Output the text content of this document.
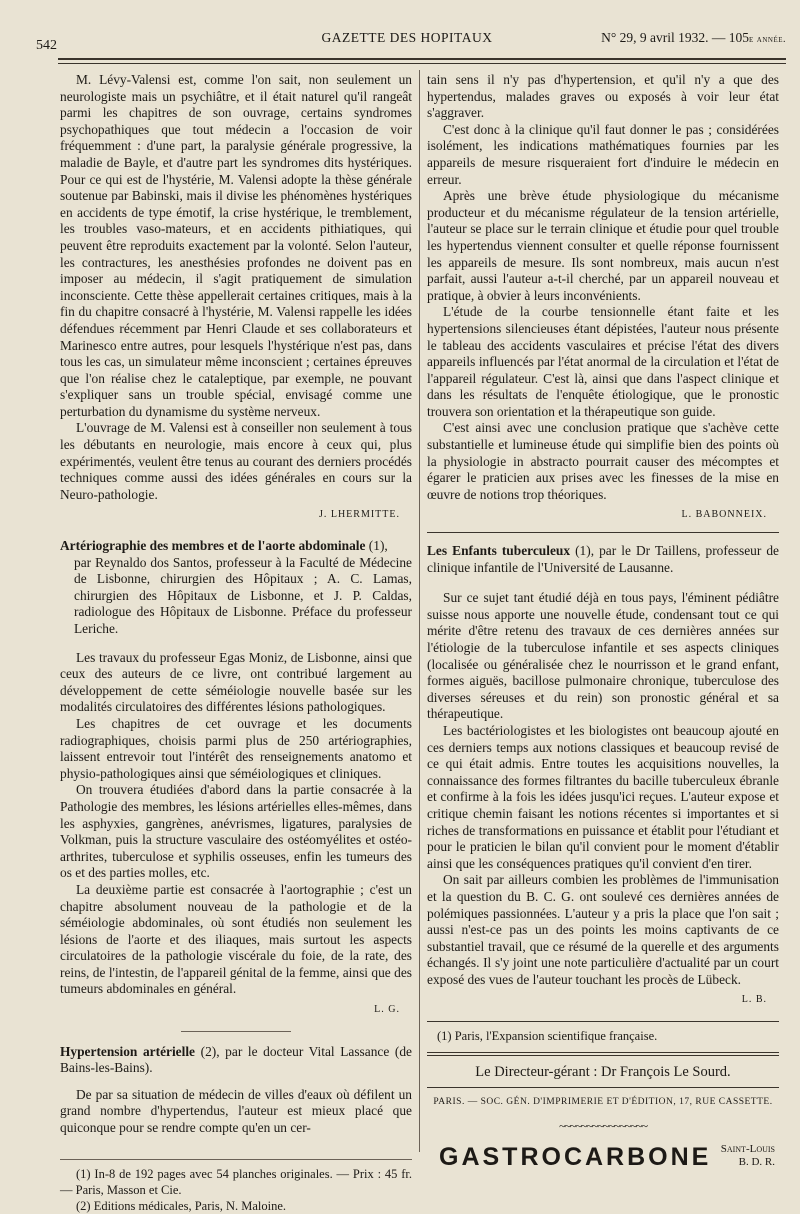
542
GAZETTE DES HOPITAUX	N° 29, 9 avril 1932. — 105e année.

M. Lévy-Valensi est, comme l'on sait, non seulement un neurologiste mais un psychiâtre, et il était naturel qu'il rangeât parmi les chapitres de son ouvrage, certains syndromes psychopathiques que tout médecin a l'occasion de voir fréquemment : d'une part, la paralysie générale progressive, la maladie de Bayle, et d'autre part les syndromes dits hystériques. Pour ce qui est de l'hystérie, M. Valensi adopte la thèse générale soutenue par Babinski, mais il divise les phénomènes hystériques en accidents de type émotif, la crise hystérique, le tremblement, les troubles vaso-mateurs, et en accidents pithiatiques, qui peuvent être reproduits exactement par la volonté. Selon l'auteur, les contractures, les anesthésies profondes ne doivent pas en imposer au médecin, il s'agit pratiquement de simulation inconsciente. Cette thèse appellerait certaines critiques, mais à la fin du chapitre consacré à l'hystérie, M. Valensi rappelle les idées défendues récemment par Henri Claude et ses collaborateurs et Marinesco entre autres, pour lesquels l'hystérique n'est pas, dans tous les cas, un simulateur même inconscient ; certaines épreuves que l'on réalise chez le cataleptique, par exemple, ne pouvant s'expliquer sans un trouble spécial, envisagé comme une perturbation du dynamisme du système nerveux.

L'ouvrage de M. Valensi est à conseiller non seulement à tous les débutants en neurologie, mais encore à ceux qui, plus expérimentés, veulent être tenus au courant des derniers procédés techniques comme aussi des idées générales en cours sur la Neuro-pathologie.

J. LHERMITTE.

Artériographie des membres et de l'aorte abdominale (1),

par Reynaldo dos Santos, professeur à la Faculté de Médecine de Lisbonne, chirurgien des Hôpitaux ; A. C. Lamas, chirurgien des Hôpitaux de Lisbonne, et J. P. Caldas, radiologue des Hôpitaux de Lisbonne. Préface du professeur Leriche.

Les travaux du professeur Egas Moniz, de Lisbonne, ainsi que ceux des auteurs de ce livre, ont contribué largement au développement de cette séméiologie nouvelle basée sur les modalités circulatoires des différentes lésions pathologiques.

Les chapitres de cet ouvrage et les documents radiographiques, choisis parmi plus de 250 artériographies, laissent entrevoir tout l'intérêt des renseignements anatomo et physio-pathologiques ainsi que séméiologiques et cliniques.

On trouvera étudiées d'abord dans la partie consacrée à la Pathologie des membres, les lésions artérielles elles-mêmes, dans les asphyxies, gangrènes, anévrismes, ligatures, paralysies de Volkman, puis la structure vasculaire des ostéomyélites et ostéo-arthrites, tuberculose et syphilis osseuses, enfin les tumeurs des os et des parties molles, etc.

La deuxième partie est consacrée à l'aortographie ; c'est un chapitre absolument nouveau de la pathologie et de la séméiologie abdominales, où sont étudiés non seulement les lésions de l'aorte et des iliaques, mais surtout les aspects circulatoires de la pathologie viscérale du foie, de la rate, des reins, de l'intestin, de l'appareil génital de la femme, ainsi que des tumeurs abdominales en général.

L. G.

Hypertension artérielle (2), par le docteur Vital Lassance (de Bains-les-Bains).

De par sa situation de médecin de villes d'eaux où défilent un grand nombre d'hypertendus, l'auteur est mieux placé que quiconque pour se rendre compte qu'en un cer-

(1) In-8 de 192 pages avec 54 planches originales. — Prix : 45 fr. — Paris, Masson et Cie.

(2) Editions médicales, Paris, N. Maloine.

tain sens il n'y pas d'hypertension, et qu'il n'y a que des hypertendus, malades graves ou exposés à voir leur état s'aggraver.

C'est donc à la clinique qu'il faut donner le pas ; considérées isolément, les indications mathématiques fournies par les appareils de mesure risqueraient fort d'induire le médecin en erreur.

Après une brève étude physiologique du mécanisme producteur et du mécanisme régulateur de la tension artérielle, l'auteur se place sur le terrain clinique et étudie pour quel trouble les hypertendus viennent consulter et quelle réponse fournissent les appareils de mesure. Ils sont nombreux, mais aucun n'est parfait, aussi l'auteur a-t-il cherché, par un appareil nouveau et pratique, à obvier à leurs inconvénients.

L'étude de la courbe tensionnelle étant faite et les hypertensions silencieuses étant dépistées, l'auteur nous présente le tableau des accidents vasculaires et précise l'état des divers appareils influencés par l'état anormal de la circulation et l'état de l'appareil régulateur. C'est là, ainsi que dans l'aspect clinique et dans les résultats de l'enquête étiologique, que le pronostic trouvera son orientation et la thérapeutique son guide.

C'est ainsi avec une conclusion pratique que s'achève cette substantielle et lumineuse étude qui simplifie bien des points où la physiologie in abstracto pourrait causer des mécomptes et égarer le praticien aux prises avec les finesses de la mise en œuvre de notions trop théoriques.

L. BABONNEIX.

Les Enfants tuberculeux (1), par le Dr Taillens, professeur de clinique infantile de l'Université de Lausanne.

Sur ce sujet tant étudié déjà en tous pays, l'éminent pédiâtre suisse nous apporte une nouvelle étude, condensant tout ce qui mérite d'être retenu des travaux de ces dernières années sur l'étiologie de la tuberculose infantile et ses aspects cliniques (localisée ou généralisée chez le nourrisson et le grand enfant, formes aiguës, bacillose pulmonaire chronique, tuberculose des diverses séreuses et du rein) son pronostic général et sa thérapeutique.

Les bactériologistes et les biologistes ont beaucoup ajouté en ces derniers temps aux notions classiques et beaucoup revisé de ce qui était admis. Entre toutes les acquisitions nouvelles, la connaissance des formes filtrantes du bacille tuberculeux ébranle et confirme à la fois les idées jusqu'ici reçues. L'auteur expose et critique chemin faisant les notions récentes si importantes et si riches de transformations en puissance et établit pour l'étudiant et pour le praticien le bilan qu'il convient pour le moment d'établir ainsi que les conséquences pratiques qu'il convient d'en tirer.

On sait par ailleurs combien les problèmes de l'immunisation et la question du B. C. G. ont soulevé ces dernières années de polémiques passionnées. L'auteur y a pris la place que l'on sait ; aussi n'est-ce pas un des points les moins captivants de ce substantiel travail, que ce résumé de la querelle et des arguments échangés. Il s'y joint une note particulière d'actualité par un court exposé des vues de l'auteur touchant les procès de Lübeck.

L. B.

(1) Paris, l'Expansion scientifique française.

Le Directeur-gérant : Dr François Le Sourd.

PARIS. — SOC. GÉN. D'IMPRIMERIE ET D'ÉDITION, 17, RUE CASSETTE.

~~~~~~~~~~~~~~~~
GASTROCARBONE Saint-Louis
B. D. R.
